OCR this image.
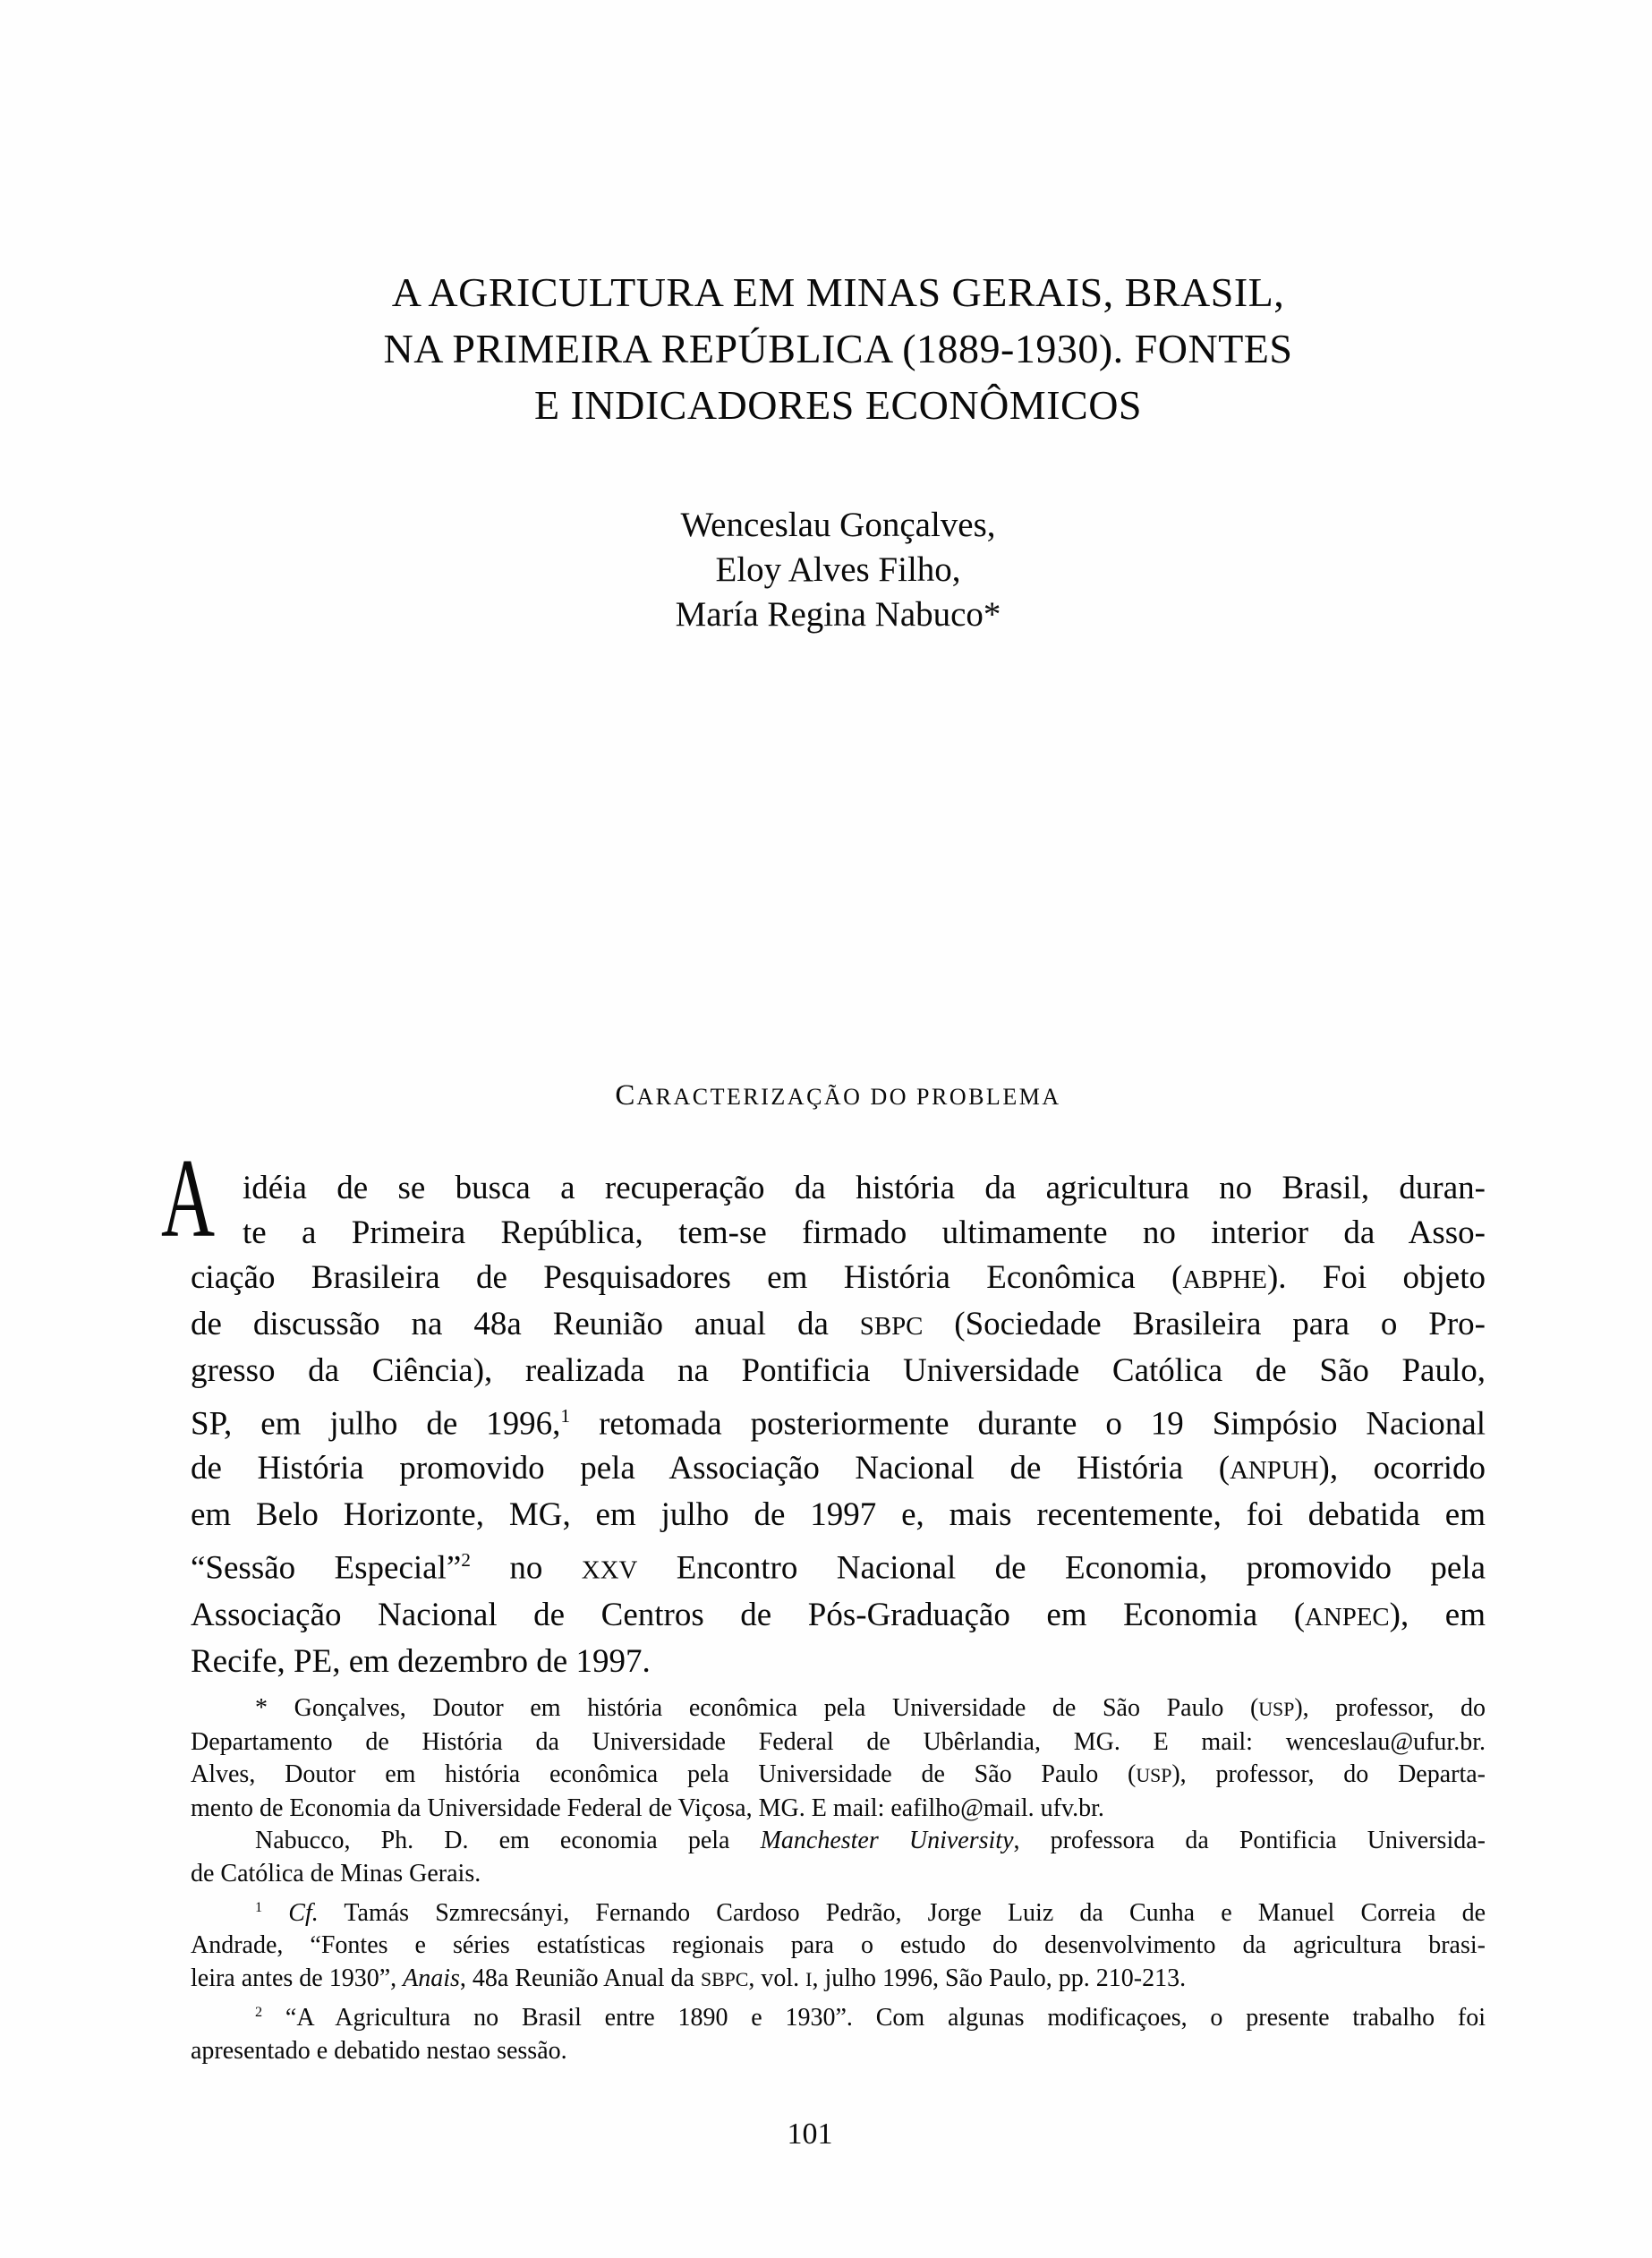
A AGRICULTURA EM MINAS GERAIS, BRASIL,
NA PRIMEIRA REPÚBLICA (1889-1930). FONTES
E INDICADORES ECONÔMICOS
Wenceslau Gonçalves,
Eloy Alves Filho,
María Regina Nabuco*
CARACTERIZAÇÃO DO PROBLEMA
A idéia de se busca a recuperação da história da agricultura no Brasil, duran-
te a Primeira República, tem-se firmado ultimamente no interior da Asso-
ciação Brasileira de Pesquisadores em História Econômica (ABPHE). Foi objeto
de discussão na 48a Reunião anual da SBPC (Sociedade Brasileira para o Pro-
gresso da Ciência), realizada na Pontificia Universidade Católica de São Paulo,
SP, em julho de 1996,$^1$ retomada posteriormente durante o 19 Simpósio Nacional
de História promovido pela Associação Nacional de História (ANPUH), ocorrido
em Belo Horizonte, MG, em julho de 1997 e, mais recentemente, foi debatida em
“Sessão Especial”$^2$ no XXV Encontro Nacional de Economia, promovido pela
Associação Nacional de Centros de Pós-Graduação em Economia (ANPEC), em
Recife, PE, em dezembro de 1997.
* Gonçalves, Doutor em história econômica pela Universidade de São Paulo (USP), professor, do
Departamento de História da Universidade Federal de Ubêrlandia, MG. E mail: wenceslau@ufur.br.
Alves, Doutor em história econômica pela Universidade de São Paulo (USP), professor, do Departa-
mento de Economia da Universidade Federal de Viçosa, MG. E mail: eafilho@mail. ufv.br.
Nabucco, Ph. D. em economia pela Manchester University, professora da Pontificia Universida-
de Católica de Minas Gerais.
$^1$ Cf. Tamás Szmrecsányi, Fernando Cardoso Pedrão, Jorge Luiz da Cunha e Manuel Correia de
Andrade, “Fontes e séries estatísticas regionais para o estudo do desenvolvimento da agricultura brasi-
leira antes de 1930”, Anais, 48a Reunião Anual da SBPC, vol. I, julho 1996, São Paulo, pp. 210-213.
$^2$ “A Agricultura no Brasil entre 1890 e 1930”. Com algunas modificaçoes, o presente trabalho foi
apresentado e debatido nestao sessão.
101
